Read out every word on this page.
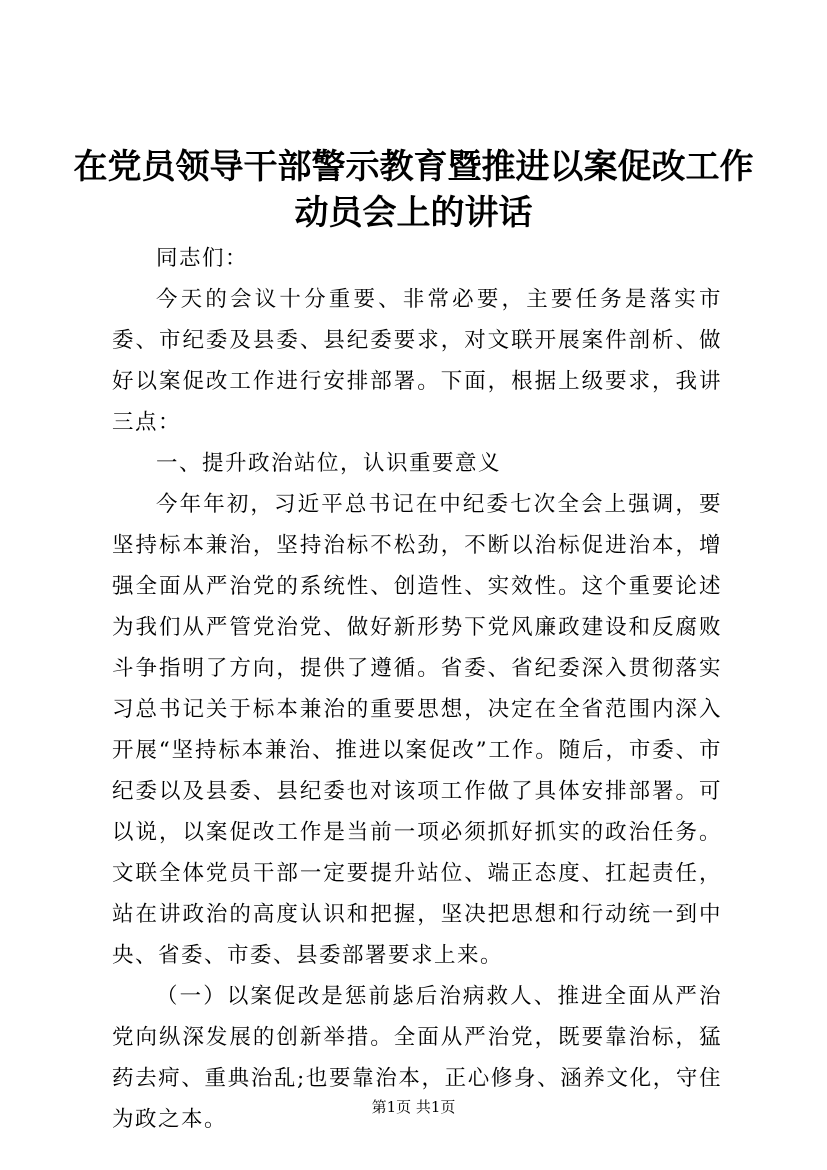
在党员领导干部警示教育暨推进以案促改工作
动员会上的讲话

同志们：

今天的会议十分重要、非常必要，主要任务是落实市委、市纪委及县委、县纪委要求，对文联开展案件剖析、做好以案促改工作进行安排部署。下面，根据上级要求，我讲三点：

一、提升政治站位，认识重要意义

今年年初，习近平总书记在中纪委七次全会上强调，要坚持标本兼治，坚持治标不松劲，不断以治标促进治本，增强全面从严治党的系统性、创造性、实效性。这个重要论述为我们从严管党治党、做好新形势下党风廉政建设和反腐败斗争指明了方向，提供了遵循。省委、省纪委深入贯彻落实习总书记关于标本兼治的重要思想，决定在全省范围内深入开展“坚持标本兼治、推进以案促改”工作。随后，市委、市纪委以及县委、县纪委也对该项工作做了具体安排部署。可以说，以案促改工作是当前一项必须抓好抓实的政治任务。文联全体党员干部一定要提升站位、端正态度、扛起责任，站在讲政治的高度认识和把握，坚决把思想和行动统一到中央、省委、市委、县委部署要求上来。

（一）以案促改是惩前毖后治病救人、推进全面从严治党向纵深发展的创新举措。全面从严治党，既要靠治标，猛药去疴、重典治乱;也要靠治本，正心修身、涵养文化，守住为政之本。	第1页 共1页
